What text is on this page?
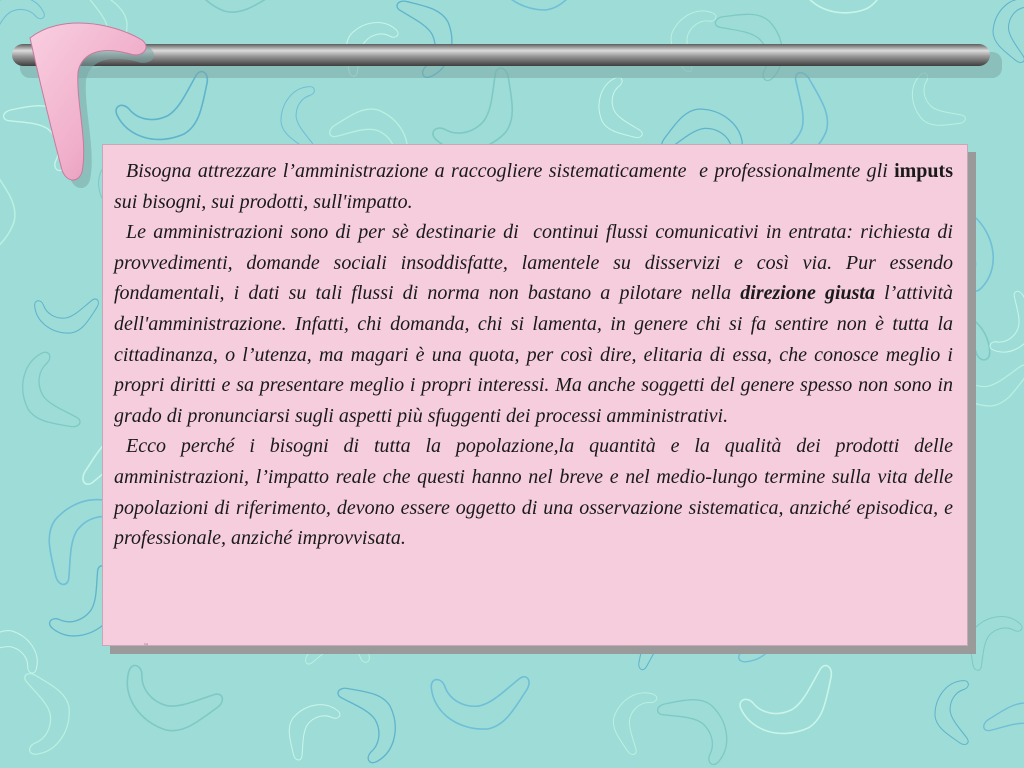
Bisogna attrezzare l’amministrazione a raccogliere sistematicamente  e professionalmente gli imputs sui bisogni, sui prodotti, sull'impatto.

Le amministrazioni sono di per sè destinarie di  continui flussi comunicativi in entrata: richiesta di provvedimenti, domande sociali insoddisfatte, lamentele su disservizi e così via. Pur essendo fondamentali, i dati su tali flussi di norma non bastano a pilotare nella direzione giusta l’attività dell'amministrazione. Infatti, chi domanda, chi si lamenta, in genere chi si fa sentire non è tutta la cittadinanza, o l’utenza, ma magari è una quota, per così dire, elitaria di essa, che conosce meglio i propri diritti e sa presentare meglio i propri interessi. Ma anche soggetti del genere spesso non sono in grado di pronunciarsi sugli aspetti più sfuggenti dei processi amministrativi.

Ecco perché i bisogni di tutta la popolazione,la quantità e la qualità dei prodotti delle amministrazioni, l’impatto reale che questi hanno nel breve e nel medio-lungo termine sulla vita delle popolazioni di riferimento, devono essere oggetto di una osservazione sistematica, anziché episodica, e professionale, anziché improvvisata.

™
